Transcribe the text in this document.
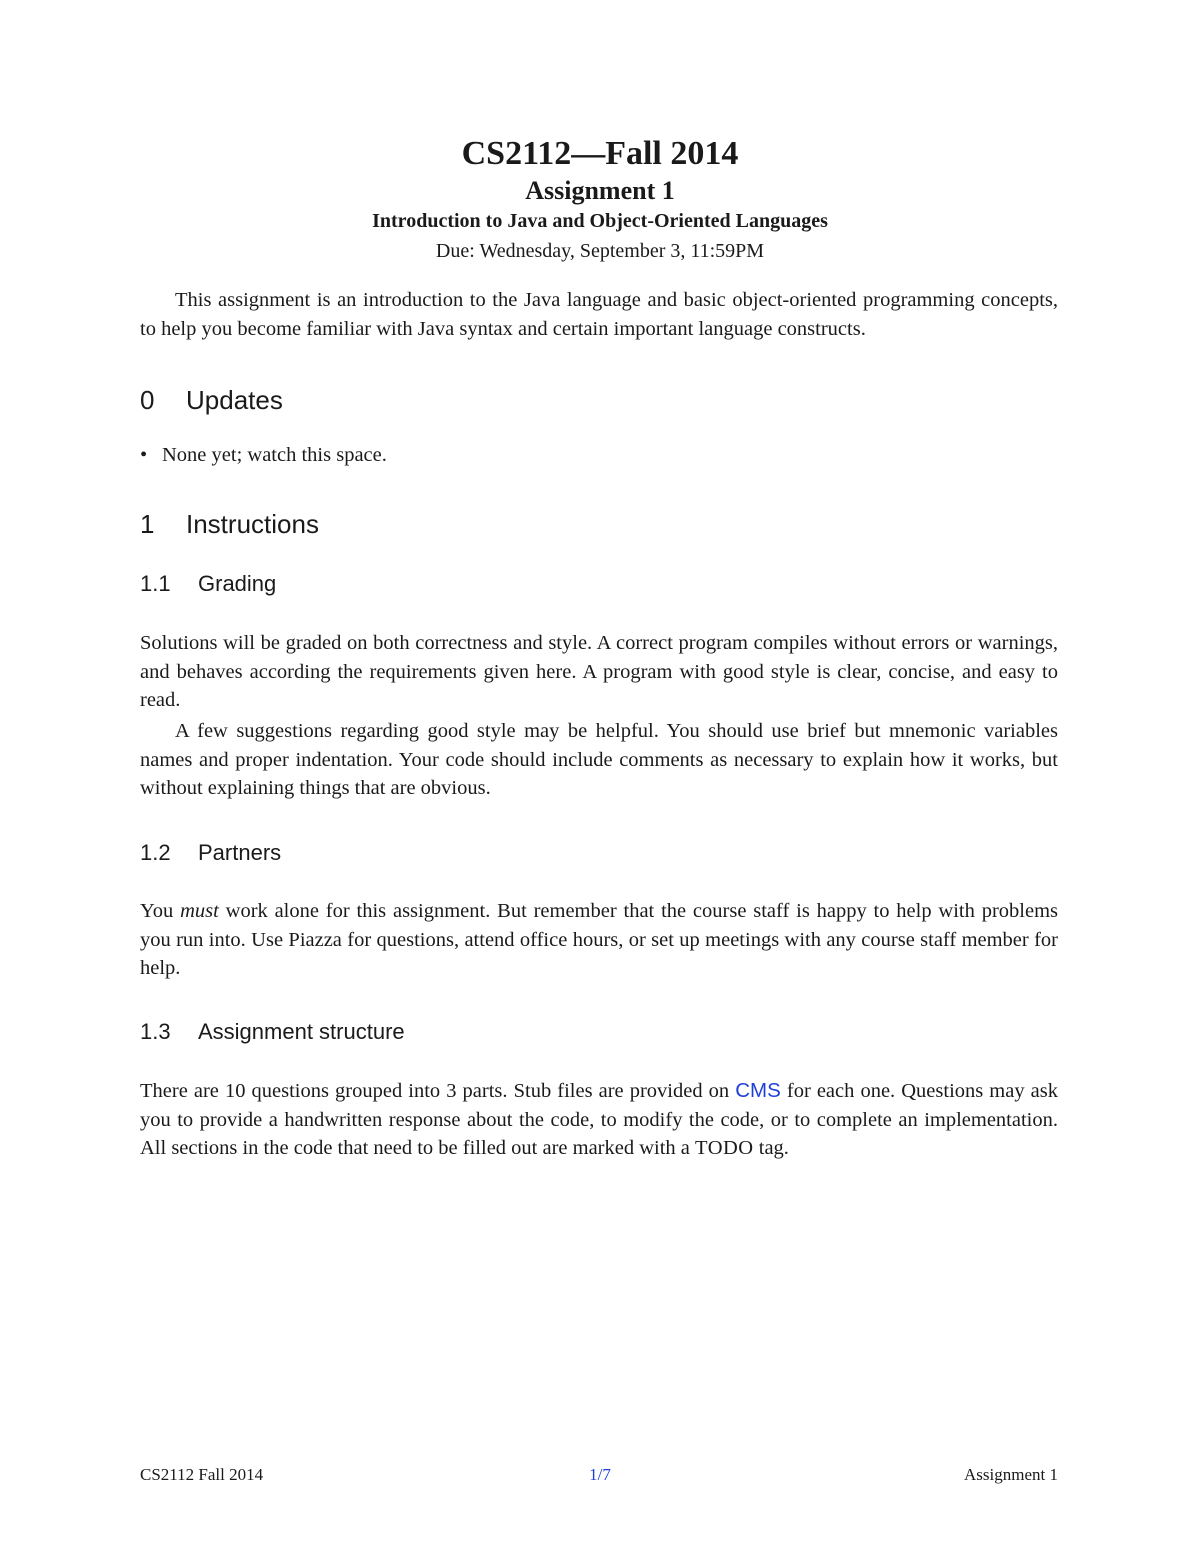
CS2112—Fall 2014
Assignment 1
Introduction to Java and Object-Oriented Languages
Due: Wednesday, September 3, 11:59PM
This assignment is an introduction to the Java language and basic object-oriented programming concepts, to help you become familiar with Java syntax and certain important language constructs.
0 Updates
• None yet; watch this space.
1 Instructions
1.1 Grading
Solutions will be graded on both correctness and style. A correct program compiles without errors or warnings, and behaves according the requirements given here. A program with good style is clear, concise, and easy to read.
A few suggestions regarding good style may be helpful. You should use brief but mnemonic variables names and proper indentation. Your code should include comments as necessary to explain how it works, but without explaining things that are obvious.
1.2 Partners
You must work alone for this assignment. But remember that the course staff is happy to help with problems you run into. Use Piazza for questions, attend office hours, or set up meetings with any course staff member for help.
1.3 Assignment structure
There are 10 questions grouped into 3 parts. Stub files are provided on CMS for each one. Questions may ask you to provide a handwritten response about the code, to modify the code, or to complete an implementation. All sections in the code that need to be filled out are marked with a TODO tag.
CS2112 Fall 2014	1/7	Assignment 1
